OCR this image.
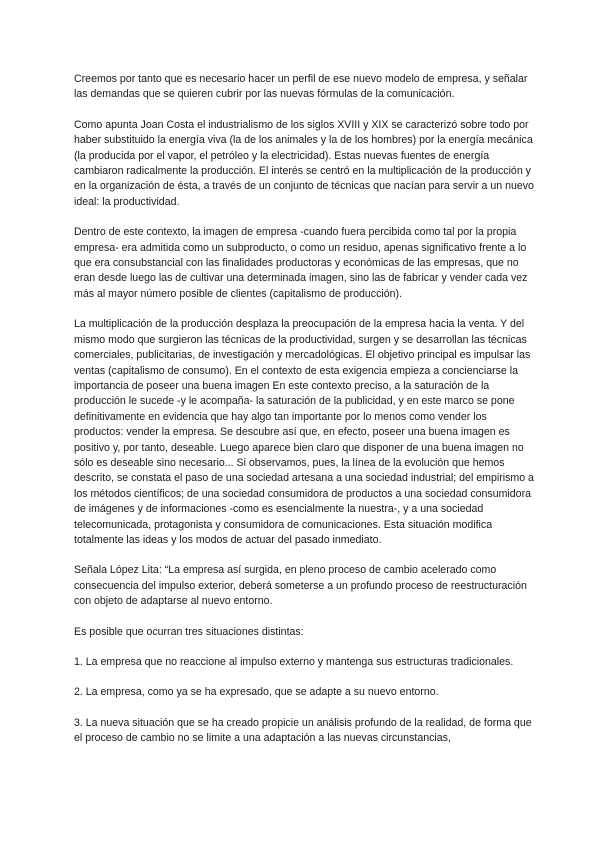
Creemos por tanto que es necesario hacer un perfil de ese nuevo modelo de empresa, y señalar las demandas que se quieren cubrir por las nuevas fórmulas de la comunicación.

Como apunta Joan Costa el industrialismo de los siglos XVIII y XIX se caracterizó sobre todo por haber substituido la energía viva (la de los animales y la de los hombres) por la energía mecánica (la producida por el vapor, el petróleo y la electricidad). Estas nuevas fuentes de energía cambiaron radicalmente la producción. El interés se centró en la multiplicación de la producción y en la organización de ésta, a través de un conjunto de técnicas que nacían para servir a un nuevo ideal: la productividad.

Dentro de este contexto, la imagen de empresa -cuando fuera percibida como tal por la propia empresa- era admitida como un subproducto, o como un residuo, apenas significativo frente a lo que era consubstancial con las finalidades productoras y económicas de las empresas, que no eran desde luego las de cultivar una determinada imagen, sino las de fabricar y vender cada vez más al mayor número posible de clientes (capitalismo de producción).

La multiplicación de la producción desplaza la preocupación de la empresa hacia la venta. Y del mismo modo que surgieron las técnicas de la productividad, surgen y se desarrollan las técnicas comerciales, publicitarias, de investigación y mercadológicas. El objetivo principal es impulsar las ventas (capitalismo de consumo). En el contexto de esta exigencia empieza a concienciarse la importancia de poseer una buena imagen En este contexto preciso, a la saturación de la producción le sucede -y le acompaña- la saturación de la publicidad, y en este marco se pone definitivamente en evidencia que hay algo tan importante por lo menos como vender los productos: vender la empresa. Se descubre así que, en efecto, poseer una buena imagen es positivo y, por tanto, deseable. Luego aparece bien claro que disponer de una buena imagen no sólo es deseable sino necesario... Si observamos, pues, la línea de la evolución que hemos descrito, se constata el paso de una sociedad artesana a una sociedad industrial; del empirismo a los métodos científicos; de una sociedad consumidora de productos a una sociedad consumidora de imágenes y de informaciones -como es esencialmente la nuestra-, y a una sociedad telecomunicada, protagonista y consumidora de comunicaciones. Esta situación modifica totalmente las ideas y los modos de actuar del pasado inmediato.

Señala López Lita: “La empresa así surgida, en pleno proceso de cambio acelerado como consecuencia del impulso exterior, deberá someterse a un profundo proceso de reestructuración con objeto de adaptarse al nuevo entorno.

Es posible que ocurran tres situaciones distintas:

1. La empresa que no reaccione al impulso externo y mantenga sus estructuras tradicionales.

2. La empresa, como ya se ha expresado, que se adapte a su nuevo entorno.

3. La nueva situación que se ha creado propicie un análisis profundo de la realidad, de forma que el proceso de cambio no se limite a una adaptación a las nuevas circunstancias,
